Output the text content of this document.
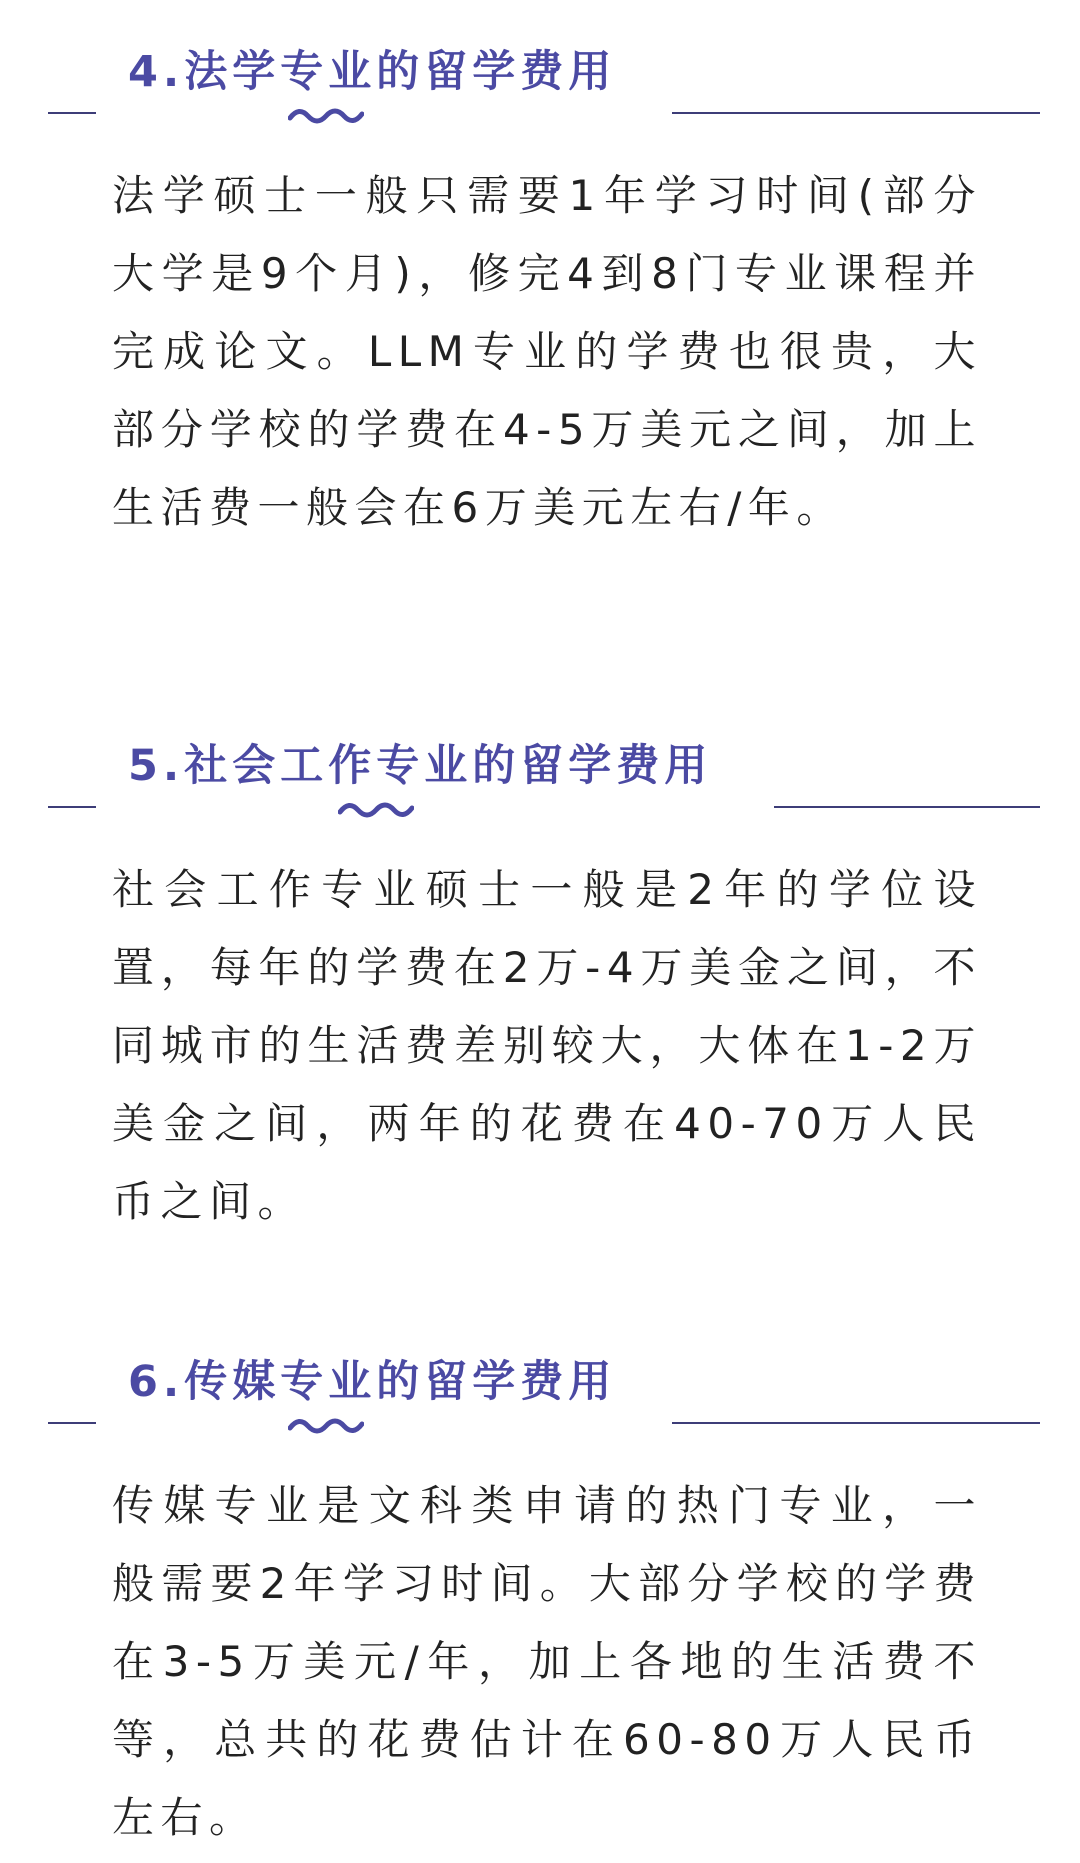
4.法学专业的留学费用

法学硕士一般只需要1年学习时间(部分大学是9个月)，修完4到8门专业课程并完成论文。LLM专业的学费也很贵，大部分学校的学费在4-5万美元之间，加上生活费一般会在6万美元左右/年。

5.社会工作专业的留学费用

社会工作专业硕士一般是2年的学位设置，每年的学费在2万-4万美金之间，不同城市的生活费差别较大，大体在1-2万美金之间，两年的花费在40-70万人民币之间。

6.传媒专业的留学费用

传媒专业是文科类申请的热门专业，一般需要2年学习时间。大部分学校的学费在3-5万美元/年，加上各地的生活费不等，总共的花费估计在60-80万人民币左右。
